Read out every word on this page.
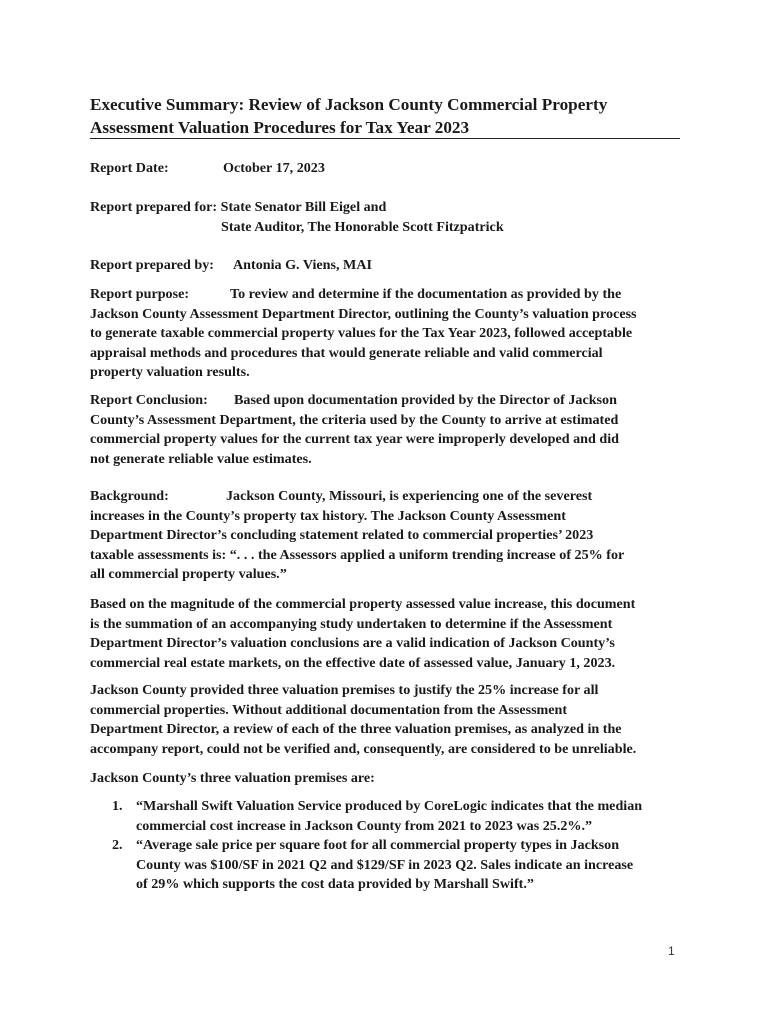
Executive Summary: Review of Jackson County Commercial Property
Assessment Valuation Procedures for Tax Year 2023
Report Date:	October 17, 2023
Report prepared for: State Senator Bill Eigel and
State Auditor, The Honorable Scott Fitzpatrick
Report prepared by: Antonia G. Viens, MAI
Report purpose:	To review and determine if the documentation as provided by the
Jackson County Assessment Department Director, outlining the County’s valuation process
to generate taxable commercial property values for the Tax Year 2023, followed acceptable
appraisal methods and procedures that would generate reliable and valid commercial
property valuation results.
Report Conclusion: Based upon documentation provided by the Director of Jackson
County’s Assessment Department, the criteria used by the County to arrive at estimated
commercial property values for the current tax year were improperly developed and did
not generate reliable value estimates.
Background:	Jackson County, Missouri, is experiencing one of the severest
increases in the County’s property tax history. The Jackson County Assessment
Department Director’s concluding statement related to commercial properties’ 2023
taxable assessments is: “. . . the Assessors applied a uniform trending increase of 25% for
all commercial property values.”
Based on the magnitude of the commercial property assessed value increase, this document
is the summation of an accompanying study undertaken to determine if the Assessment
Department Director’s valuation conclusions are a valid indication of Jackson County’s
commercial real estate markets, on the effective date of assessed value, January 1, 2023.
Jackson County provided three valuation premises to justify the 25% increase for all
commercial properties. Without additional documentation from the Assessment
Department Director, a review of each of the three valuation premises, as analyzed in the
accompany report, could not be verified and, consequently, are considered to be unreliable.
Jackson County’s three valuation premises are:
1. “Marshall Swift Valuation Service produced by CoreLogic indicates that the median
commercial cost increase in Jackson County from 2021 to 2023 was 25.2%.”
2. “Average sale price per square foot for all commercial property types in Jackson
County was $100/SF in 2021 Q2 and $129/SF in 2023 Q2. Sales indicate an increase
of 29% which supports the cost data provided by Marshall Swift.”
1
